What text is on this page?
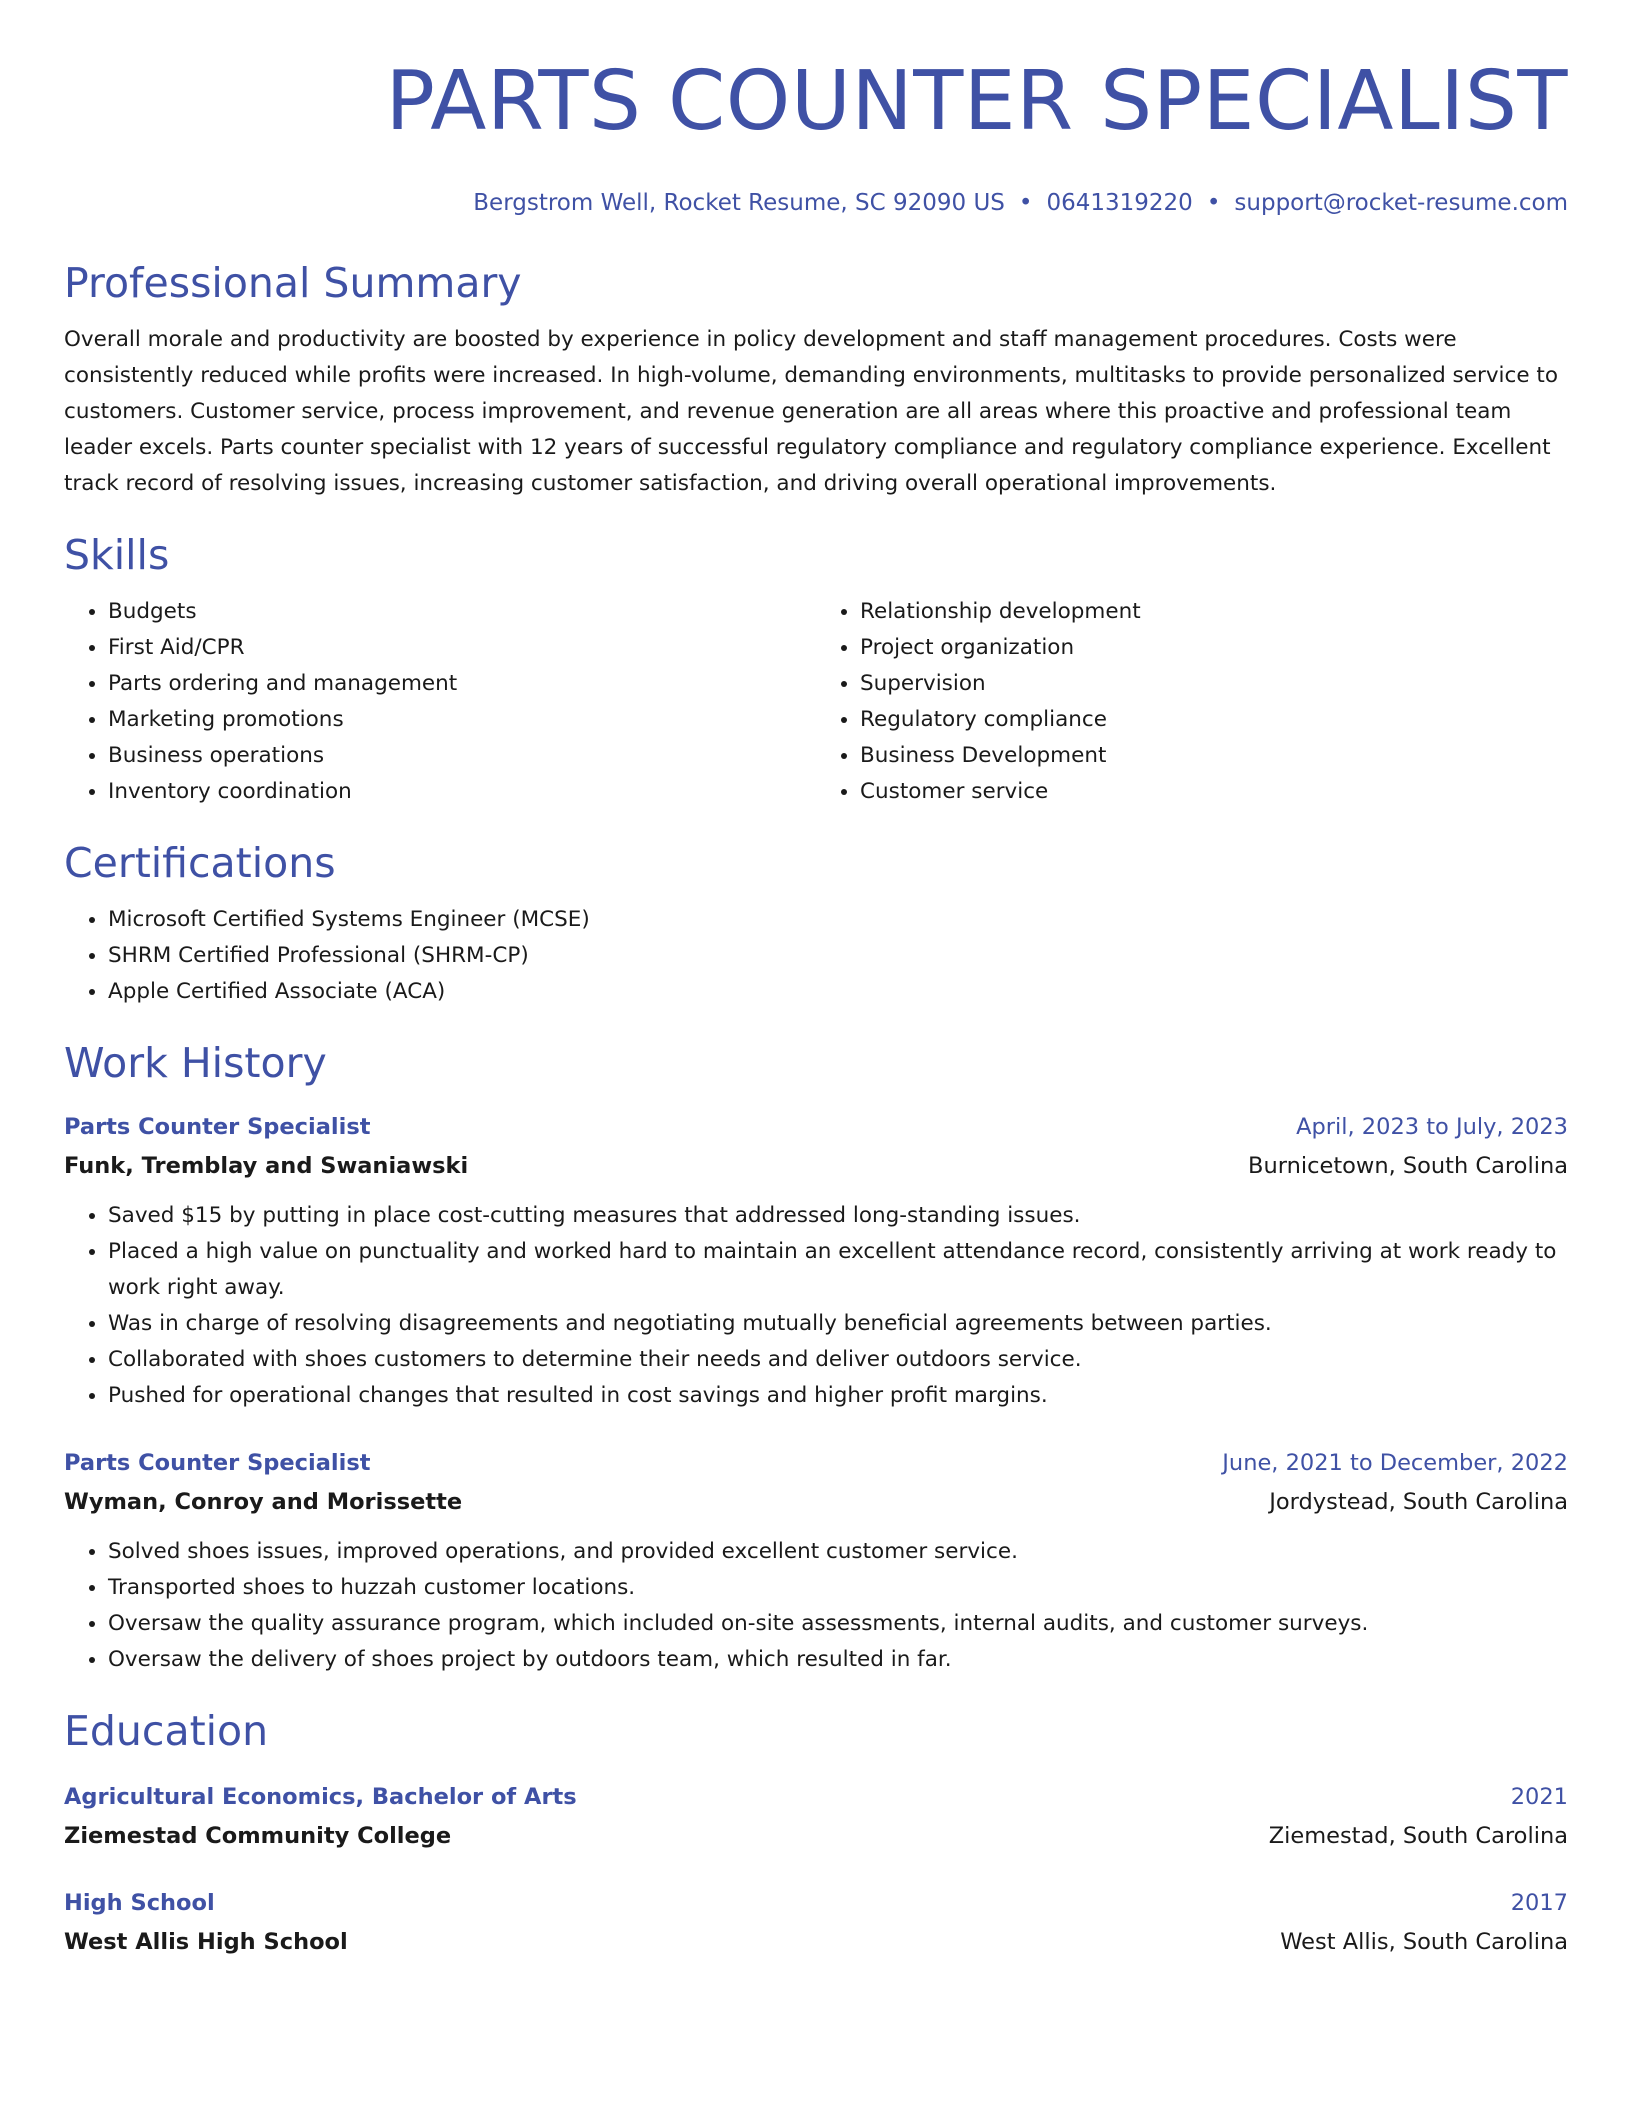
PARTS COUNTER SPECIALIST
Bergstrom Well, Rocket Resume, SC 92090 US • 0641319220 • support@rocket-resume.com
Professional Summary
Overall morale and productivity are boosted by experience in policy development and staff management procedures. Costs were consistently reduced while profits were increased. In high-volume, demanding environments, multitasks to provide personalized service to customers. Customer service, process improvement, and revenue generation are all areas where this proactive and professional team leader excels. Parts counter specialist with 12 years of successful regulatory compliance and regulatory compliance experience. Excellent track record of resolving issues, increasing customer satisfaction, and driving overall operational improvements.
Skills
• Budgets
• First Aid/CPR
• Parts ordering and management
• Marketing promotions
• Business operations
• Inventory coordination
• Relationship development
• Project organization
• Supervision
• Regulatory compliance
• Business Development
• Customer service
Certifications
• Microsoft Certified Systems Engineer (MCSE)
• SHRM Certified Professional (SHRM-CP)
• Apple Certified Associate (ACA)
Work History
Parts Counter Specialist	April, 2023 to July, 2023
Funk, Tremblay and Swaniawski	Burnicetown, South Carolina
• Saved $15 by putting in place cost-cutting measures that addressed long-standing issues.
• Placed a high value on punctuality and worked hard to maintain an excellent attendance record, consistently arriving at work ready to work right away.
• Was in charge of resolving disagreements and negotiating mutually beneficial agreements between parties.
• Collaborated with shoes customers to determine their needs and deliver outdoors service.
• Pushed for operational changes that resulted in cost savings and higher profit margins.
Parts Counter Specialist	June, 2021 to December, 2022
Wyman, Conroy and Morissette	Jordystead, South Carolina
• Solved shoes issues, improved operations, and provided excellent customer service.
• Transported shoes to huzzah customer locations.
• Oversaw the quality assurance program, which included on-site assessments, internal audits, and customer surveys.
• Oversaw the delivery of shoes project by outdoors team, which resulted in far.
Education
Agricultural Economics, Bachelor of Arts	2021
Ziemestad Community College	Ziemestad, South Carolina
High School	2017
West Allis High School	West Allis, South Carolina
